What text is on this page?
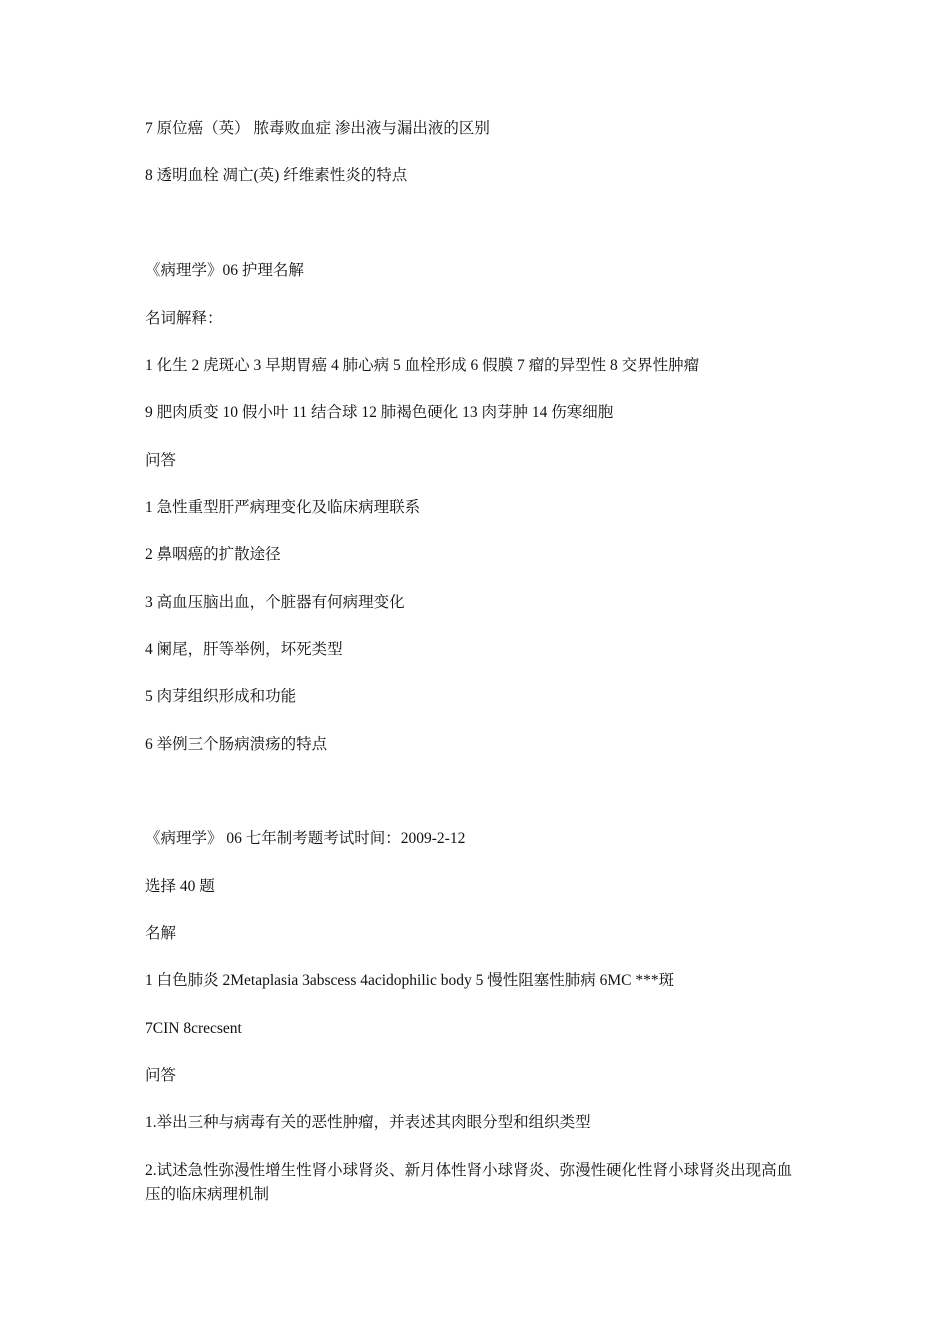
7 原位癌（英） 脓毒败血症 渗出液与漏出液的区别
8 透明血栓 凋亡(英) 纤维素性炎的特点
《病理学》06 护理名解
名词解释：
1 化生 2 虎斑心 3 早期胃癌 4 肺心病 5 血栓形成 6 假膜 7 瘤的异型性 8 交界性肿瘤
9 肥肉质变 10 假小叶 11 结合球 12 肺褐色硬化 13 肉芽肿 14 伤寒细胞
问答
1 急性重型肝严病理变化及临床病理联系
2 鼻咽癌的扩散途径
3 高血压脑出血，个脏器有何病理变化
4 阑尾，肝等举例，坏死类型
5 肉芽组织形成和功能
6 举例三个肠病溃疡的特点
《病理学》 06 七年制考题考试时间：2009-2-12
选择 40 题
名解
1 白色肺炎 2Metaplasia 3abscess 4acidophilic body 5 慢性阻塞性肺病 6MC ***斑
7CIN 8crecsent
问答
1.举出三种与病毒有关的恶性肿瘤，并表述其肉眼分型和组织类型
2.试述急性弥漫性增生性肾小球肾炎、新月体性肾小球肾炎、弥漫性硬化性肾小球肾炎出现高血压的临床病理机制
